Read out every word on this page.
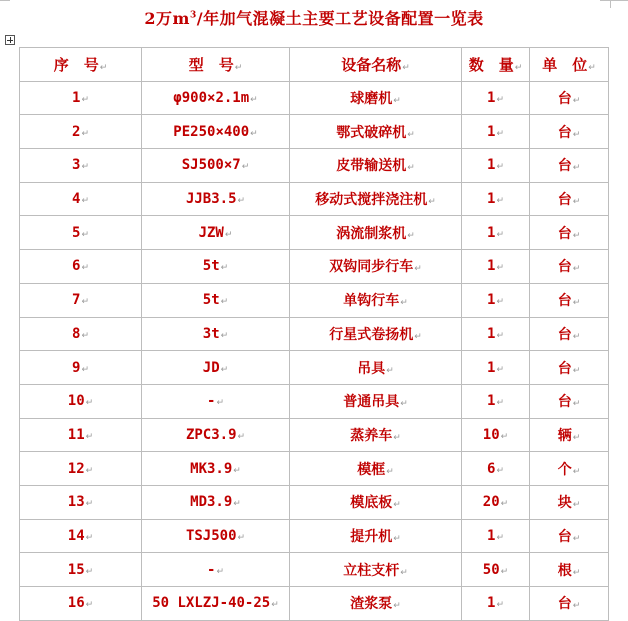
2万$m^3/$年加气混凝土主要工艺设备配置一览表
序　号 ↵	型　号 ↵	设备名称 ↵	数　量 ↵	单　位 ↵
1 ↵	φ900×2.1m ↵	球磨机 ↵	1 ↵	台 ↵
2 ↵	PE250×400 ↵	鄂式破碎机 ↵	1 ↵	台 ↵
3 ↵	SJ500×7 ↵	皮带输送机 ↵	1 ↵	台 ↵
4 ↵	JJB3.5 ↵	移动式搅拌浇注机 ↵	1 ↵	台 ↵
5 ↵	JZW ↵	涡流制浆机 ↵	1 ↵	台 ↵
6 ↵	5t ↵	双钩同步行车 ↵	1 ↵	台 ↵
7 ↵	5t ↵	单钩行车 ↵	1 ↵	台 ↵
8 ↵	3t ↵	行星式卷扬机 ↵	1 ↵	台 ↵
9 ↵	JD ↵	吊具 ↵	1 ↵	台 ↵
10 ↵	- ↵	普通吊具 ↵	1 ↵	台 ↵
11 ↵	ZPC3.9 ↵	蒸养车 ↵	10 ↵	辆 ↵
12 ↵	MK3.9 ↵	模框 ↵	6 ↵	个 ↵
13 ↵	MD3.9 ↵	模底板 ↵	20 ↵	块 ↵
14 ↵	TSJ500 ↵	提升机 ↵	1 ↵	台 ↵
15 ↵	- ↵	立柱支杆 ↵	50 ↵	根 ↵
16 ↵	50 LXLZJ-40-25 ↵	渣浆泵 ↵	1 ↵	台 ↵
